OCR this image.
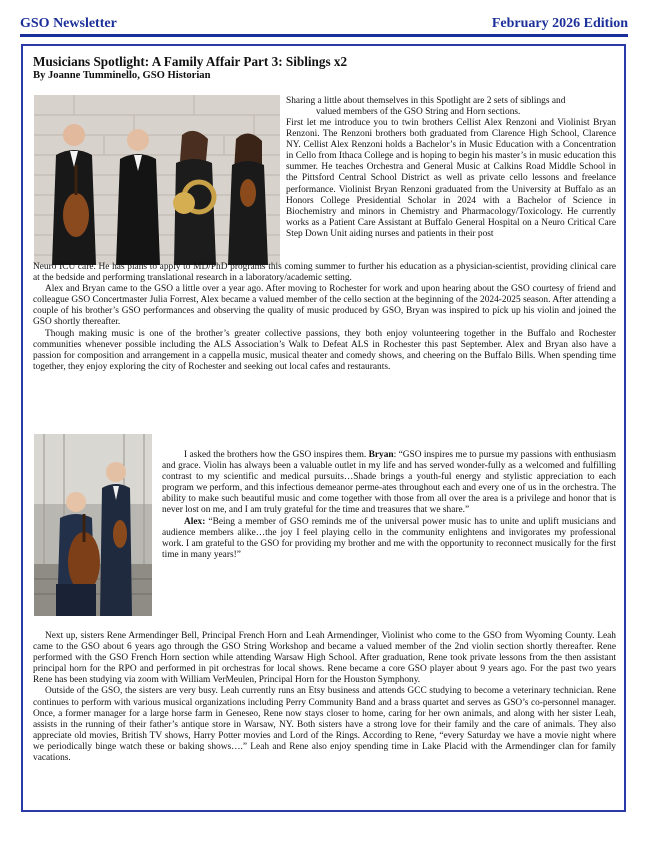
GSO Newsletter	February 2026 Edition
Musicians Spotlight: A Family Affair Part 3: Siblings x2
By Joanne Tumminello, GSO Historian

Sharing a little about themselves in this Spotlight are 2 sets of siblings and

valued members of the GSO String and Horn sections.

First let me introduce you to twin brothers Cellist Alex Renzoni and Violinist Bryan Renzoni. The Renzoni brothers both graduated from Clarence High School, Clarence NY. Cellist Alex Renzoni holds a Bachelor’s in Music Education with a Concentration in Cello from Ithaca College and is hoping to begin his master’s in music education this summer. He teaches Orchestra and General Music at Calkins Road Middle School in the Pittsford Central School District as well as private cello lessons and freelance performance. Violinist Bryan Renzoni graduated from the University at Buffalo as an Honors College Presidential Scholar in 2024 with a Bachelor of Science in Biochemistry and minors in Chemistry and Pharmacology/Toxicology. He currently works as a Patient Care Assistant at Buffalo General Hospital on a Neuro Critical Care Step Down Unit aiding nurses and patients in their post

Neuro ICU care. He has plans to apply to MD/PhD programs this coming summer to further his education as a physician-scientist, providing clinical care at the bedside and performing translational research in a laboratory/academic setting.

Alex and Bryan came to the GSO a little over a year ago. After moving to Rochester for work and upon hearing about the GSO courtesy of friend and colleague GSO Concertmaster Julia Forrest, Alex became a valued member of the cello section at the beginning of the 2024-2025 season. After attending a couple of his brother’s GSO performances and observing the quality of music produced by GSO, Bryan was inspired to pick up his violin and joined the GSO shortly thereafter.

Though making music is one of the brother’s greater collective passions, they both enjoy volunteering together in the Buffalo and Rochester communities whenever possible including the ALS Association’s Walk to Defeat ALS in Rochester this past September. Alex and Bryan also have a passion for composition and arrangement in a cappella music, musical theater and comedy shows, and cheering on the Buffalo Bills. When spending time together, they enjoy exploring the city of Rochester and seeking out local cafes and restaurants.

I asked the brothers how the GSO inspires them. Bryan: “GSO inspires me to pursue my passions with enthusiasm and grace. Violin has always been a valuable outlet in my life and has served wonder-fully as a welcomed and fulfilling contrast to my scientific and medical pursuits…Shade brings a youth-ful energy and stylistic appreciation to each program we perform, and this infectious demeanor perme-ates throughout each and every one of us in the orchestra. The ability to make such beautiful music and come together with those from all over the area is a privilege and honor that is never lost on me, and I am truly grateful for the time and treasures that we share.”

Alex: “Being a member of GSO reminds me of the universal power music has to unite and uplift musicians and audience members alike…the joy I feel playing cello in the community enlightens and invigorates my professional work. I am grateful to the GSO for providing my brother and me with the opportunity to reconnect musically for the first time in many years!”

Next up, sisters Rene Armendinger Bell, Principal French Horn and Leah Armendinger, Violinist who come to the GSO from Wyoming County. Leah came to the GSO about 6 years ago through the GSO String Workshop and became a valued member of the 2nd violin section shortly thereafter. Rene performed with the GSO French Horn section while attending Warsaw High School. After graduation, Rene took private lessons from the then assistant principal horn for the RPO and performed in pit orchestras for local shows. Rene became a core GSO player about 9 years ago. For the past two years Rene has been studying via zoom with William VerMeulen, Principal Horn for the Houston Symphony.

Outside of the GSO, the sisters are very busy. Leah currently runs an Etsy business and attends GCC studying to become a veterinary technician. Rene continues to perform with various musical organizations including Perry Community Band and a brass quartet and serves as GSO’s co-personnel manager. Once, a former manager for a large horse farm in Geneseo, Rene now stays closer to home, caring for her own animals, and along with her sister Leah, assists in the running of their father’s antique store in Warsaw, NY. Both sisters have a strong love for their family and the care of animals. They also appreciate old movies, British TV shows, Harry Potter movies and Lord of the Rings. According to Rene, “every Saturday we have a movie night where we periodically binge watch these or baking shows….” Leah and Rene also enjoy spending time in Lake Placid with the Armendinger clan for family vacations.
